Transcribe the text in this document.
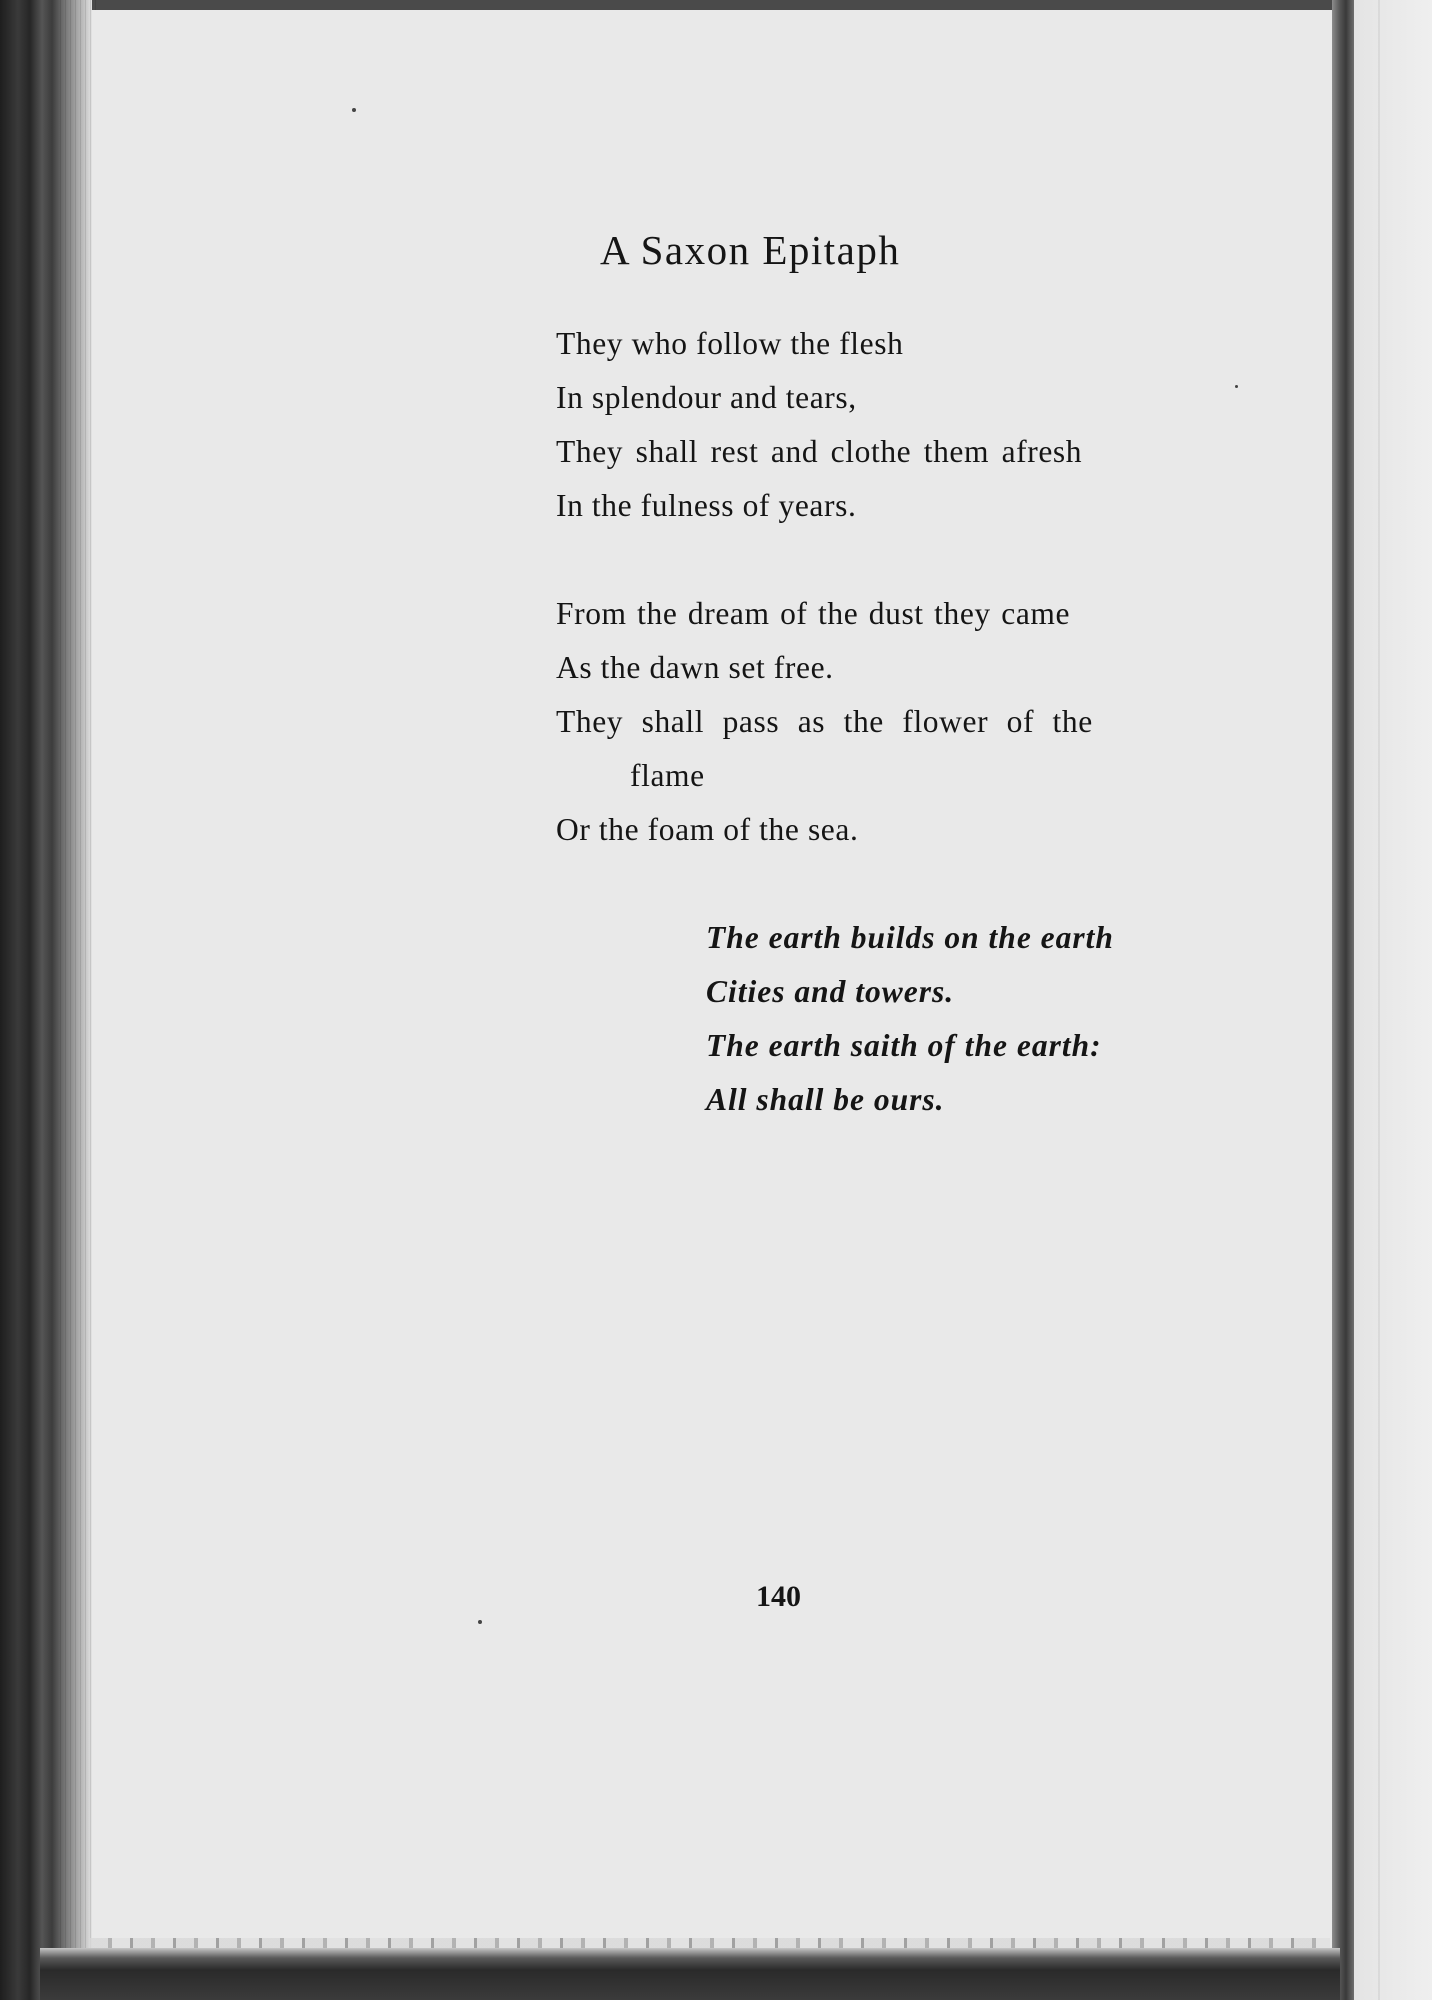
A Saxon Epitaph
They who follow the flesh
In splendour and tears,
They shall rest and clothe them afresh
In the fulness of years.
From the dream of the dust they came
As the dawn set free.
They shall pass as the flower of the
flame
Or the foam of the sea.
The earth builds on the earth
Cities and towers.
The earth saith of the earth:
All shall be ours.
140
